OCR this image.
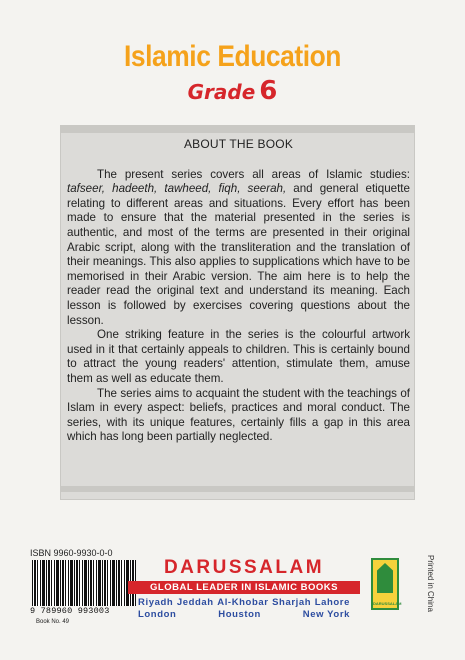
Islamic Education
Grade 6
ABOUT THE BOOK

The present series covers all areas of Islamic studies: tafseer, hadeeth, tawheed, fiqh, seerah, and general etiquette relating to different areas and situations. Every effort has been made to ensure that the material presented in the series is authentic, and most of the terms are presented in their original Arabic script, along with the transliteration and the translation of their meanings. This also applies to supplications which have to be memorised in their Arabic version. The aim here is to help the reader read the original text and understand its meaning. Each lesson is followed by exercises covering questions about the lesson.

One striking feature in the series is the colourful artwork used in it that certainly appeals to children. This is certainly bound to attract the young readers' attention, stimulate them, amuse them as well as educate them.

The series aims to acquaint the student with the teachings of Islam in every aspect: beliefs, practices and moral conduct. The series, with its unique features, certainly fills a gap in this area which has long been partially neglected.

ISBN 9960-9930-0-0
9 789960 993003
Book No. 49
DARUSSALAM
GLOBAL LEADER IN ISLAMIC BOOKS
Riyadh Jeddah Al-Khobar Sharjah Lahore
London	Houston	New York
DARUSSALAM	Printed in China
